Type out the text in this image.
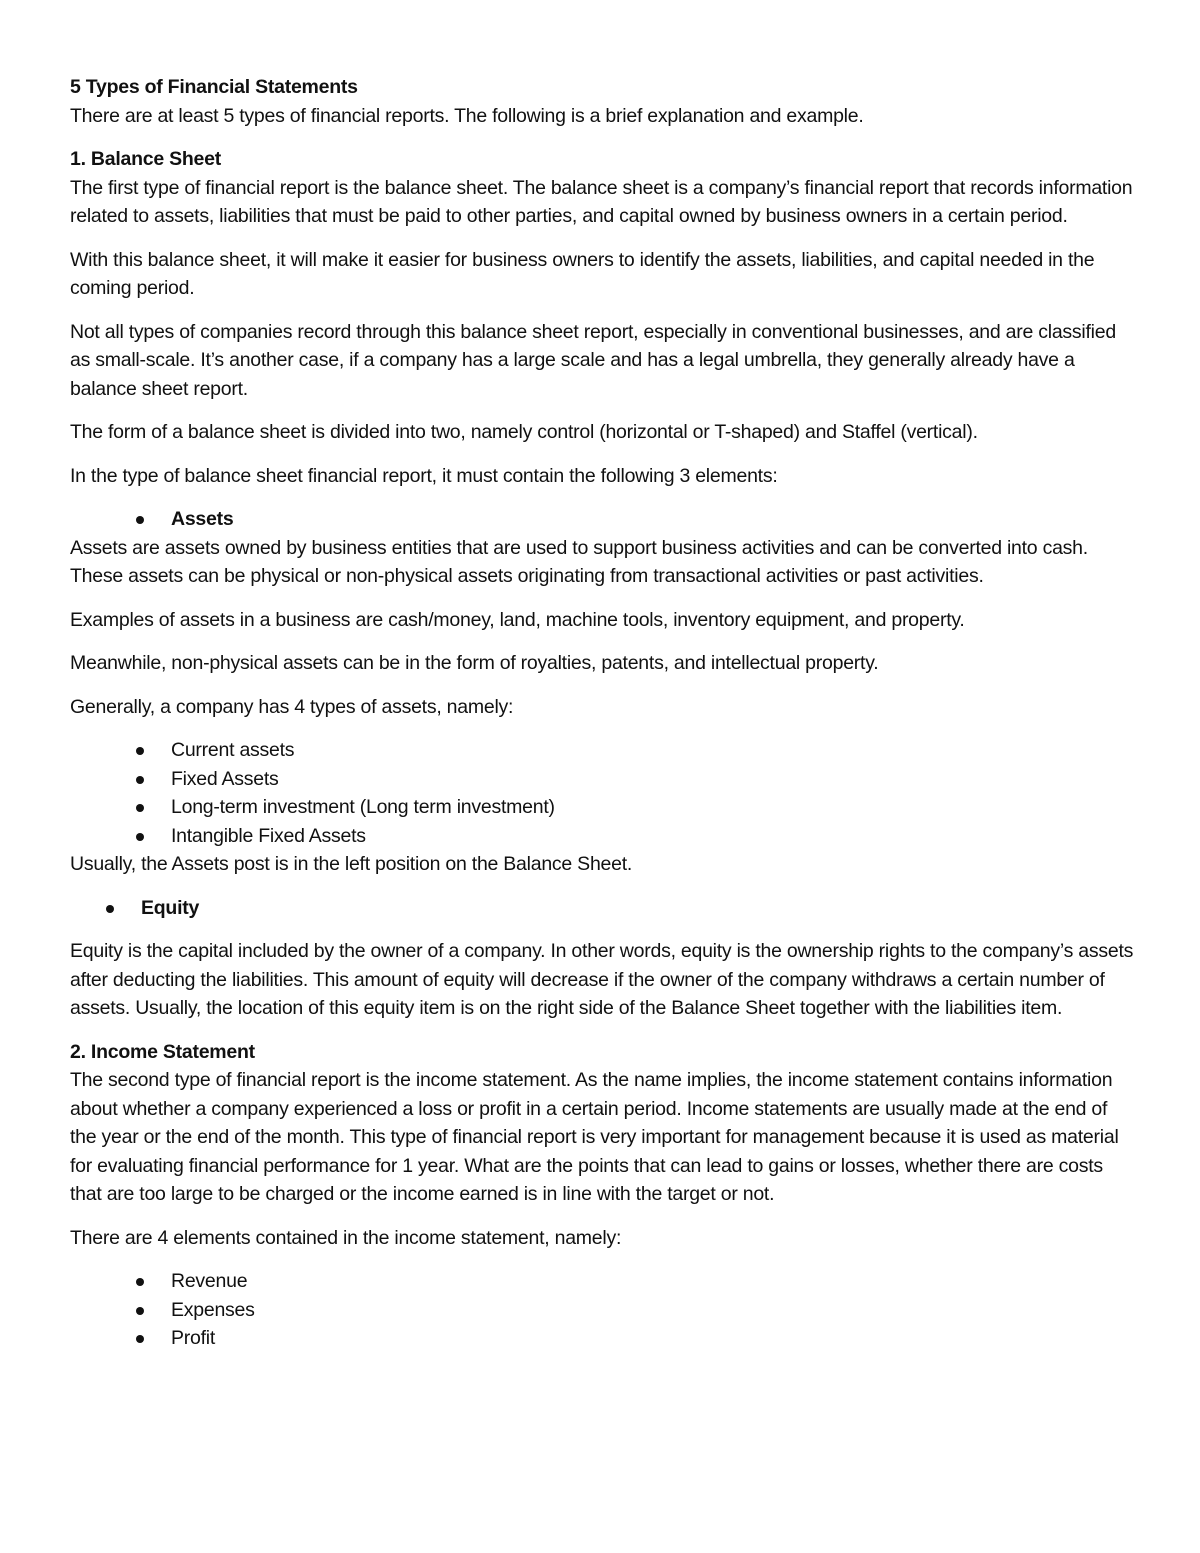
5 Types of Financial Statements

There are at least 5 types of financial reports. The following is a brief explanation and example.

1. Balance Sheet

The first type of financial report is the balance sheet. The balance sheet is a company’s financial report that records information related to assets, liabilities that must be paid to other parties, and capital owned by business owners in a certain period.

With this balance sheet, it will make it easier for business owners to identify the assets, liabilities, and capital needed in the coming period.

Not all types of companies record through this balance sheet report, especially in conventional businesses, and are classified as small-scale. It’s another case, if a company has a large scale and has a legal umbrella, they generally already have a balance sheet report.

The form of a balance sheet is divided into two, namely control (horizontal or T-shaped) and Staffel (vertical).

In the type of balance sheet financial report, it must contain the following 3 elements:

Assets

Assets are assets owned by business entities that are used to support business activities and can be converted into cash. These assets can be physical or non-physical assets originating from transactional activities or past activities.

Examples of assets in a business are cash/money, land, machine tools, inventory equipment, and property.

Meanwhile, non-physical assets can be in the form of royalties, patents, and intellectual property.

Generally, a company has 4 types of assets, namely:

Current assets
Fixed Assets
Long-term investment (Long term investment)
Intangible Fixed Assets

Usually, the Assets post is in the left position on the Balance Sheet.

Equity

Equity is the capital included by the owner of a company. In other words, equity is the ownership rights to the company’s assets after deducting the liabilities. This amount of equity will decrease if the owner of the company withdraws a certain number of assets. Usually, the location of this equity item is on the right side of the Balance Sheet together with the liabilities item.

2. Income Statement

The second type of financial report is the income statement. As the name implies, the income statement contains information about whether a company experienced a loss or profit in a certain period. Income statements are usually made at the end of the year or the end of the month. This type of financial report is very important for management because it is used as material for evaluating financial performance for 1 year. What are the points that can lead to gains or losses, whether there are costs that are too large to be charged or the income earned is in line with the target or not.

There are 4 elements contained in the income statement, namely:

Revenue
Expenses
Profit
